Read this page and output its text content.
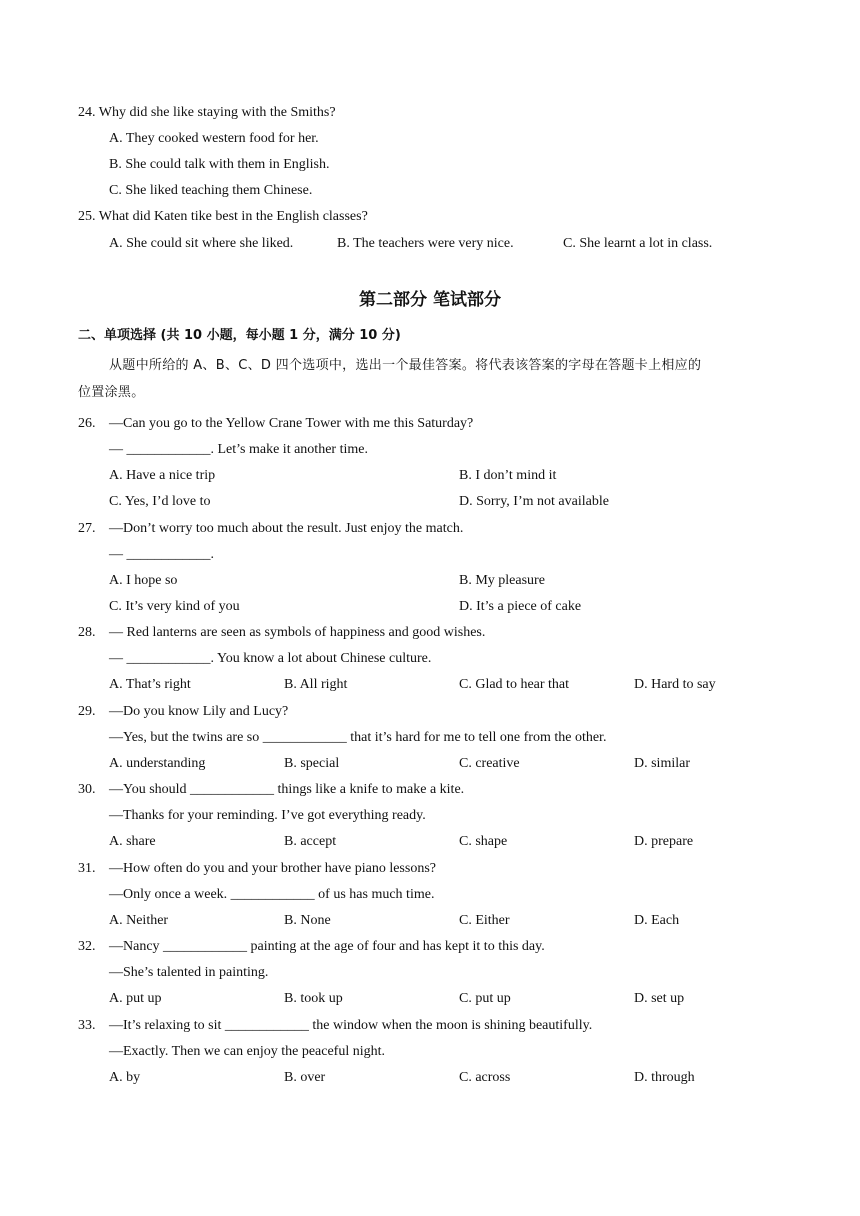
24. Why did she like staying with the Smiths?
A. They cooked western food for her.
B. She could talk with them in English.
C. She liked teaching them Chinese.
25. What did Katen tike best in the English classes?
A. She could sit where she liked.	B. The teachers were very nice.	C. She learnt a lot in class.
第二部分 笔试部分
二、单项选择 (共 10 小题，每小题 1 分，满分 10 分)
从题中所给的 A、B、C、D 四个选项中，选出一个最佳答案。将代表该答案的字母在答题卡上相应的
位置涂黑。
26. —Can you go to the Yellow Crane Tower with me this Saturday?
— ____________. Let’s make it another time.
A. Have a nice trip	B. I don’t mind it
C. Yes, I’d love to	D. Sorry, I’m not available
27. —Don’t worry too much about the result. Just enjoy the match.
— ____________.
A. I hope so	B. My pleasure
C. It’s very kind of you	D. It’s a piece of cake
28. — Red lanterns are seen as symbols of happiness and good wishes.
— ____________. You know a lot about Chinese culture.
A. That’s right	B. All right	C. Glad to hear that	D. Hard to say
29. —Do you know Lily and Lucy?
—Yes, but the twins are so ____________ that it’s hard for me to tell one from the other.
A. understanding	B. special	C. creative	D. similar
30. —You should ____________ things like a knife to make a kite.
—Thanks for your reminding. I’ve got everything ready.
A. share	B. accept	C. shape	D. prepare
31. —How often do you and your brother have piano lessons?
—Only once a week. ____________ of us has much time.
A. Neither	B. None	C. Either	D. Each
32. —Nancy ____________ painting at the age of four and has kept it to this day.
—She’s talented in painting.
A. put up	B. took up	C. put up	D. set up
33. —It’s relaxing to sit ____________ the window when the moon is shining beautifully.
—Exactly. Then we can enjoy the peaceful night.
A. by	B. over	C. across	D. through
